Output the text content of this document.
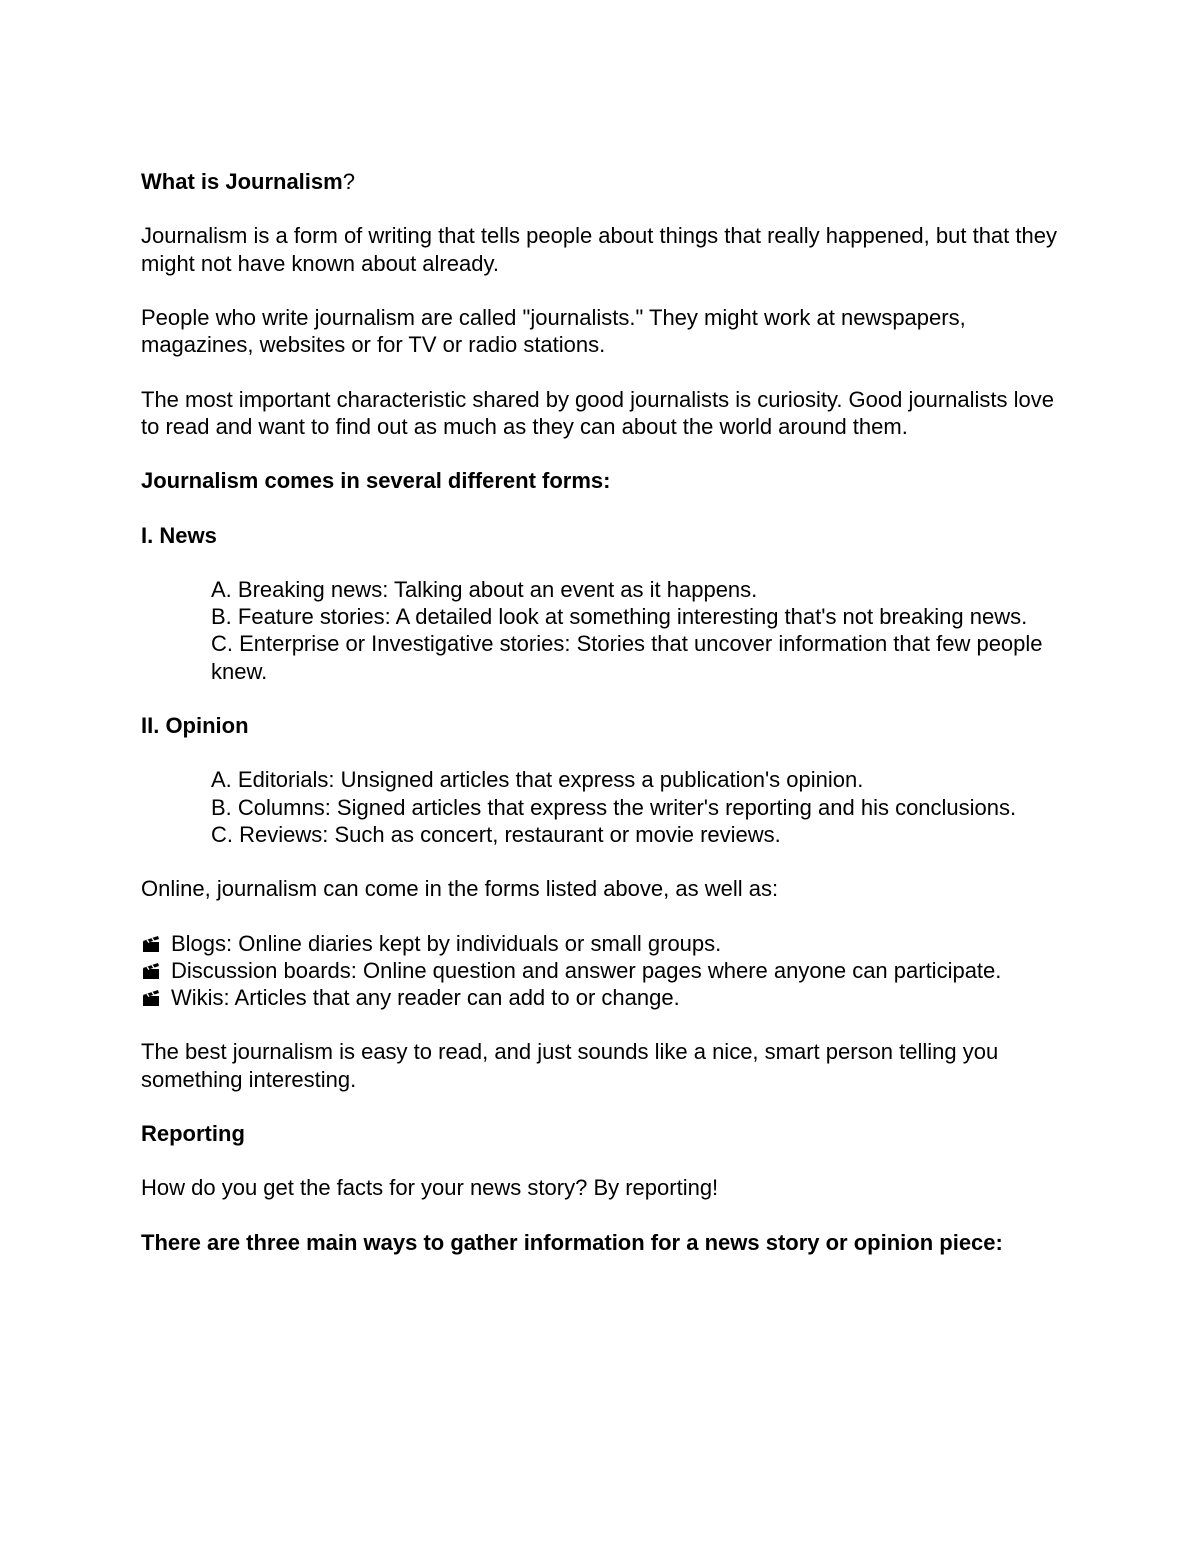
What is Journalism?

Journalism is a form of writing that tells people about things that really happened, but that they might not have known about already.

People who write journalism are called "journalists." They might work at newspapers, magazines, websites or for TV or radio stations.

The most important characteristic shared by good journalists is curiosity. Good journalists love to read and want to find out as much as they can about the world around them.

Journalism comes in several different forms:

I. News

A. Breaking news: Talking about an event as it happens.
B. Feature stories: A detailed look at something interesting that's not breaking news.
C. Enterprise or Investigative stories: Stories that uncover information that few people knew.

II. Opinion

A. Editorials: Unsigned articles that express a publication's opinion.
B. Columns: Signed articles that express the writer's reporting and his conclusions.
C. Reviews: Such as concert, restaurant or movie reviews.

Online, journalism can come in the forms listed above, as well as:

Blogs: Online diaries kept by individuals or small groups.
Discussion boards: Online question and answer pages where anyone can participate.
Wikis: Articles that any reader can add to or change.

The best journalism is easy to read, and just sounds like a nice, smart person telling you something interesting.

Reporting

How do you get the facts for your news story? By reporting!

There are three main ways to gather information for a news story or opinion piece:
